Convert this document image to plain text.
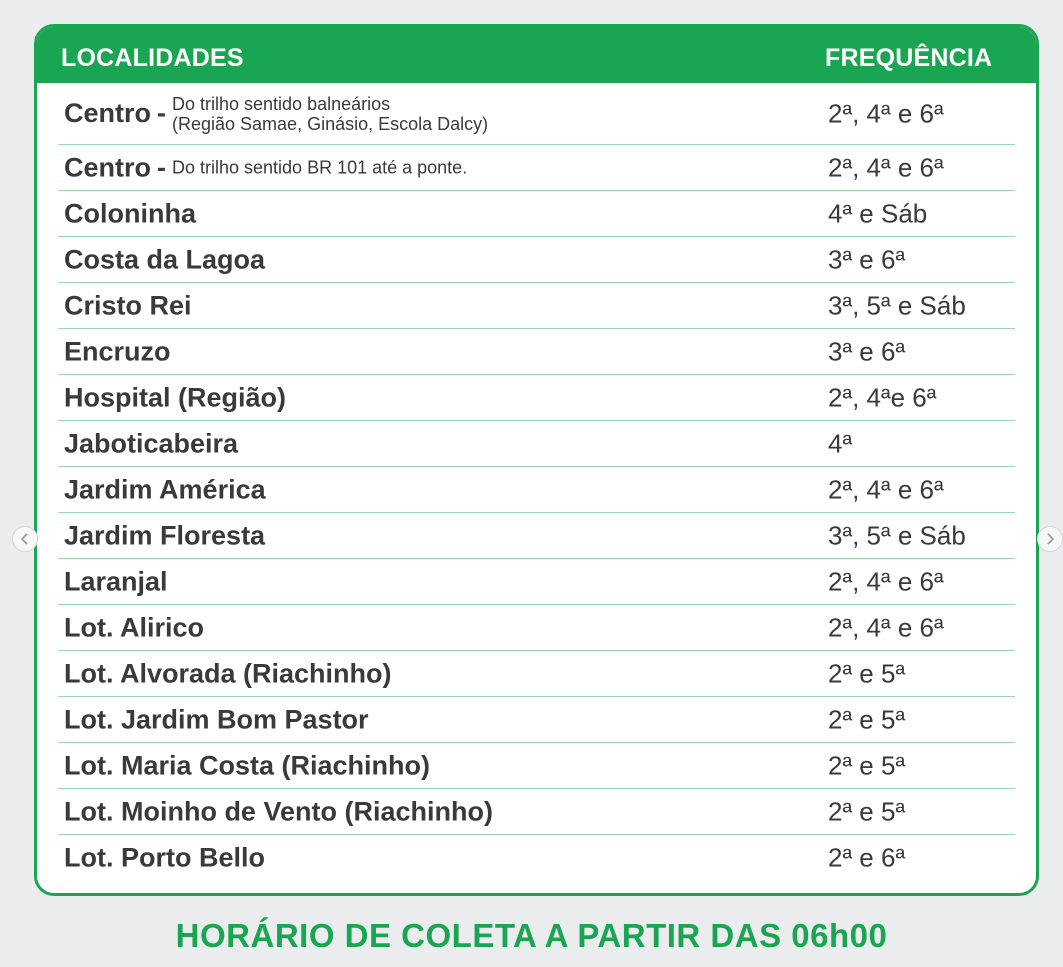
LOCALIDADES	FREQUÊNCIA
Centro - Do trilho sentido balneários
(Região Samae, Ginásio, Escola Dalcy)	2ª, 4ª e 6ª
Centro - Do trilho sentido BR 101 até a ponte.	2ª, 4ª e 6ª
Coloninha	4ª e Sáb
Costa da Lagoa	3ª e 6ª
Cristo Rei	3ª, 5ª e Sáb
Encruzo	3ª e 6ª
Hospital (Região)	2ª, 4ªe 6ª
Jaboticabeira	4ª
Jardim América	2ª, 4ª e 6ª
Jardim Floresta	3ª, 5ª e Sáb
Laranjal	2ª, 4ª e 6ª
Lot. Alirico	2ª, 4ª e 6ª
Lot. Alvorada (Riachinho)	2ª e 5ª
Lot. Jardim Bom Pastor	2ª e 5ª
Lot. Maria Costa (Riachinho)	2ª e 5ª
Lot. Moinho de Vento (Riachinho)	2ª e 5ª
Lot. Porto Bello	2ª e 6ª
HORÁRIO DE COLETA A PARTIR DAS 06h00
